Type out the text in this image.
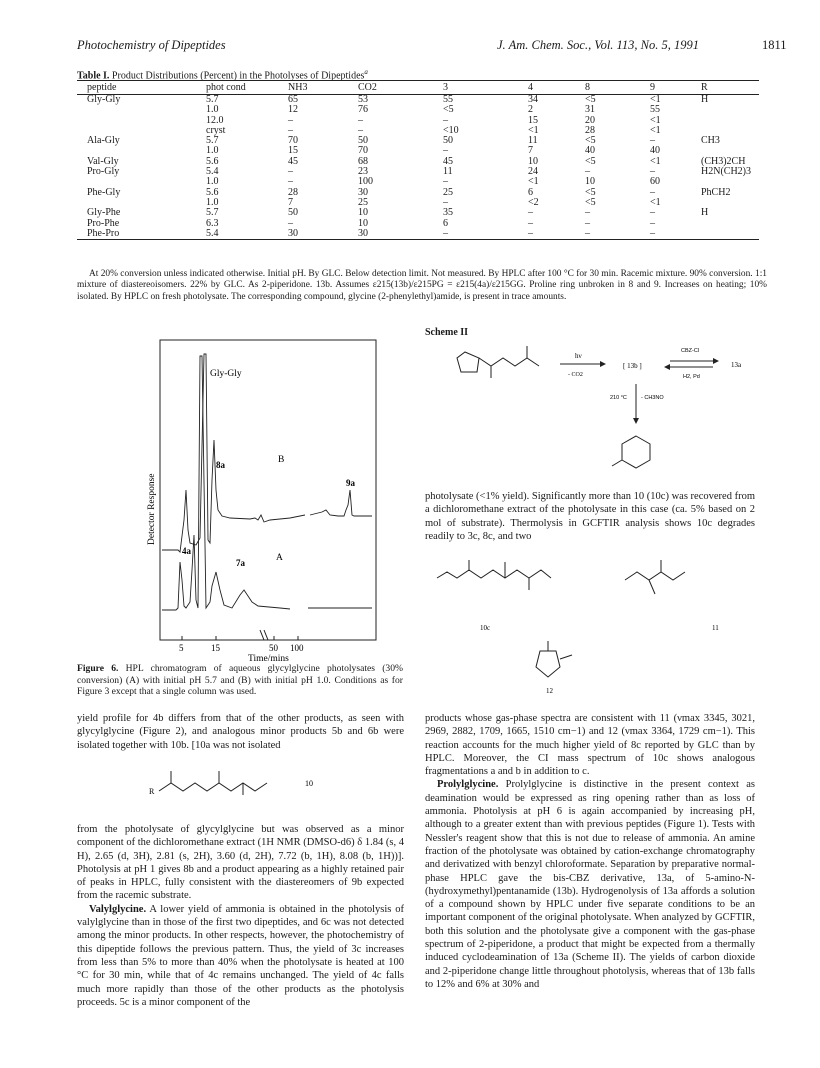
Photochemistry of Dipeptides	J. Am. Chem. Soc., Vol. 113, No. 5, 1991	1811
Table I. Product Distributions (Percent) in the Photolyses of Dipeptides$^a$
peptide	phot cond	NH3	CO2	3	4	8	9	R
Gly-Gly	5.7	65	53	55	34	<5	<1	H
	1.0	12	76	<5	2	31	55	
	12.0	–	–	–	15	20	<1	
	cryst	–	–	<10	<1	28	<1	
Ala-Gly	5.7	70	50	50	11	<5	–	CH3
	1.0	15	70	–	7	40	40	
Val-Gly	5.6	45	68	45	10	<5	<1	(CH3)2CH
Pro-Gly	5.4	–	23	11	24	–	–	H2N(CH2)3
	1.0	–	100	–	<1	10	60	
Phe-Gly	5.6	28	30	25	6	<5	–	PhCH2
	1.0	7	25	–	<2	<5	<1	
Gly-Phe	5.7	50	10	35	–	–	–	H
Pro-Phe	6.3	–	10	6	–	–	–	
Phe-Pro	5.4	30	30	–	–	–	–	
At 20% conversion unless indicated otherwise. Initial pH. By GLC. Below detection limit. Not measured. By HPLC after 100 °C for 30 min. Racemic mixture. 90% conversion. 1:1 mixture of diastereoisomers. 22% by GLC. As 2-piperidone. 13b. Assumes ε215(13b)/ε215PG = ε215(4a)/ε215GG. Proline ring unbroken in 8 and 9. Increases on heating; 10% isolated. By HPLC on fresh photolysate. The corresponding compound, glycine (2-phenylethyl)amide, is present in trace amounts.
5	15	50 100
Time/mins
Detector Response
Gly-Gly
B
A
8a
9a
4a
7a
Figure 6. HPL chromatogram of aqueous glycylglycine photolysates (30% conversion) (A) with initial pH 5.7 and (B) with initial pH 1.0. Conditions as for Figure 3 except that a single column was used.

yield profile for 4b differs from that of the other products, as seen with glycylglycine (Figure 2), and analogous minor products 5b and 6b were isolated together with 10b. [10a was not isolated

R
10

from the photolysate of glycylglycine but was observed as a minor component of the dichloromethane extract (1H NMR (DMSO-d6) δ 1.84 (s, 4 H), 2.65 (d, 3H), 2.81 (s, 2H), 3.60 (d, 2H), 7.72 (b, 1H), 8.08 (b, 1H))]. Photolysis at pH 1 gives 8b and a product appearing as a highly retained pair of peaks in HPLC, fully consistent with the diastereomers of 9b expected from the racemic substrate.

Valylglycine. A lower yield of ammonia is obtained in the photolysis of valylglycine than in those of the first two dipeptides, and 6c was not detected among the minor products. In other respects, however, the photochemistry of this dipeptide follows the previous pattern. Thus, the yield of 3c increases from less than 5% to more than 40% when the photolysate is heated at 100 °C for 30 min, while that of 4c remains unchanged. The yield of 4c falls much more rapidly than those of the other products as the photolysis proceeds. 5c is a minor component of the

Scheme II
hν
- CO2
[ 13b ]
CBZ-Cl
H2, Pd
13a
210 °C	- CH3NO

photolysate (<1% yield). Significantly more than 10 (10c) was recovered from a dichloromethane extract of the photolysate in this case (ca. 5% based on 2 mol of substrate). Thermolysis in GCFTIR analysis shows 10c degrades readily to 3c, 8c, and two

10c	11
12

products whose gas-phase spectra are consistent with 11 (νmax 3345, 3021, 2969, 2882, 1709, 1665, 1510 cm−1) and 12 (νmax 3364, 1729 cm−1). This reaction accounts for the much higher yield of 8c reported by GLC than by HPLC. Moreover, the CI mass spectrum of 10c shows analogous fragmentations a and b in addition to c.

Prolylglycine. Prolylglycine is distinctive in the present context as deamination would be expressed as ring opening rather than as loss of ammonia. Photolysis at pH 6 is again accompanied by increasing pH, although to a greater extent than with previous peptides (Figure 1). Tests with Nessler's reagent show that this is not due to release of ammonia. An amine fraction of the photolysate was obtained by cation-exchange chromatography and derivatized with benzyl chloroformate. Separation by preparative normal-phase HPLC gave the bis-CBZ derivative, 13a, of 5-amino-N-(hydroxymethyl)pentanamide (13b). Hydrogenolysis of 13a affords a solution of a compound shown by HPLC under five separate conditions to be an important component of the original photolysate. When analyzed by GCFTIR, both this solution and the photolysate give a component with the gas-phase spectrum of 2-piperidone, a product that might be expected from a thermally induced cyclodeamination of 13a (Scheme II). The yields of carbon dioxide and 2-piperidone change little throughout photolysis, whereas that of 13b falls to 12% and 6% at 30% and
